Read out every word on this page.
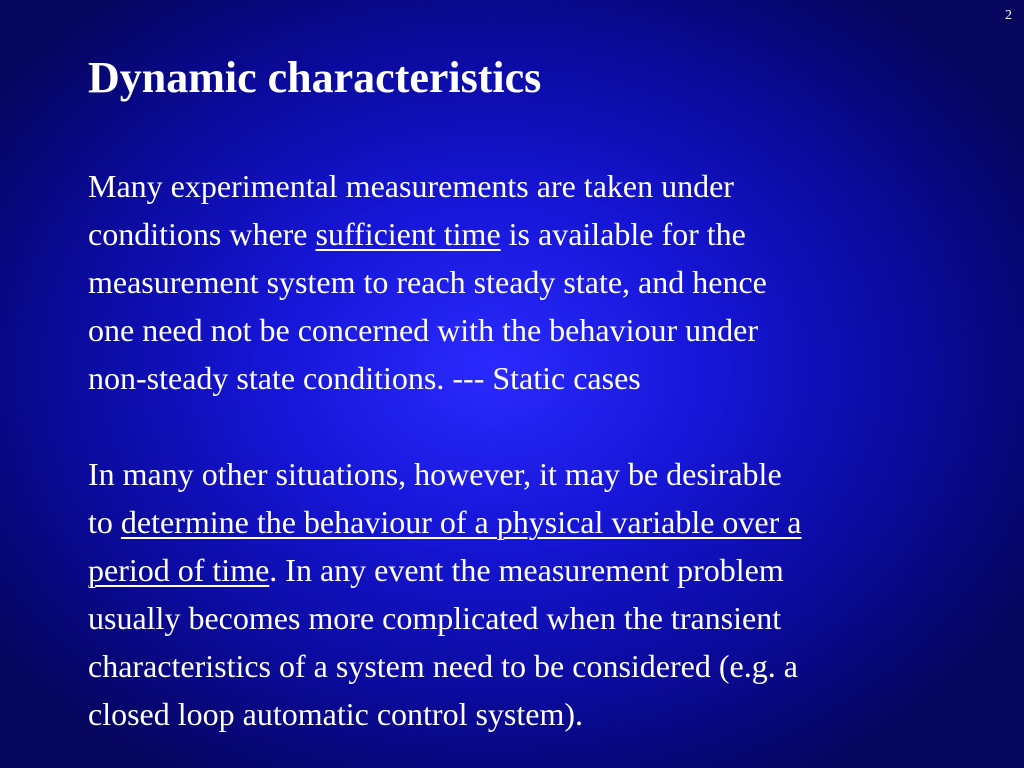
2
Dynamic characteristics

Many experimental measurements are taken under
conditions where sufficient time is available for the
measurement system to reach steady state, and hence
one need not be concerned with the behaviour under
non-steady state conditions. --- Static cases

In many other situations, however, it may be desirable
to determine the behaviour of a physical variable over a
period of time. In any event the measurement problem
usually becomes more complicated when the transient
characteristics of a system need to be considered (e.g. a
closed loop automatic control system).
